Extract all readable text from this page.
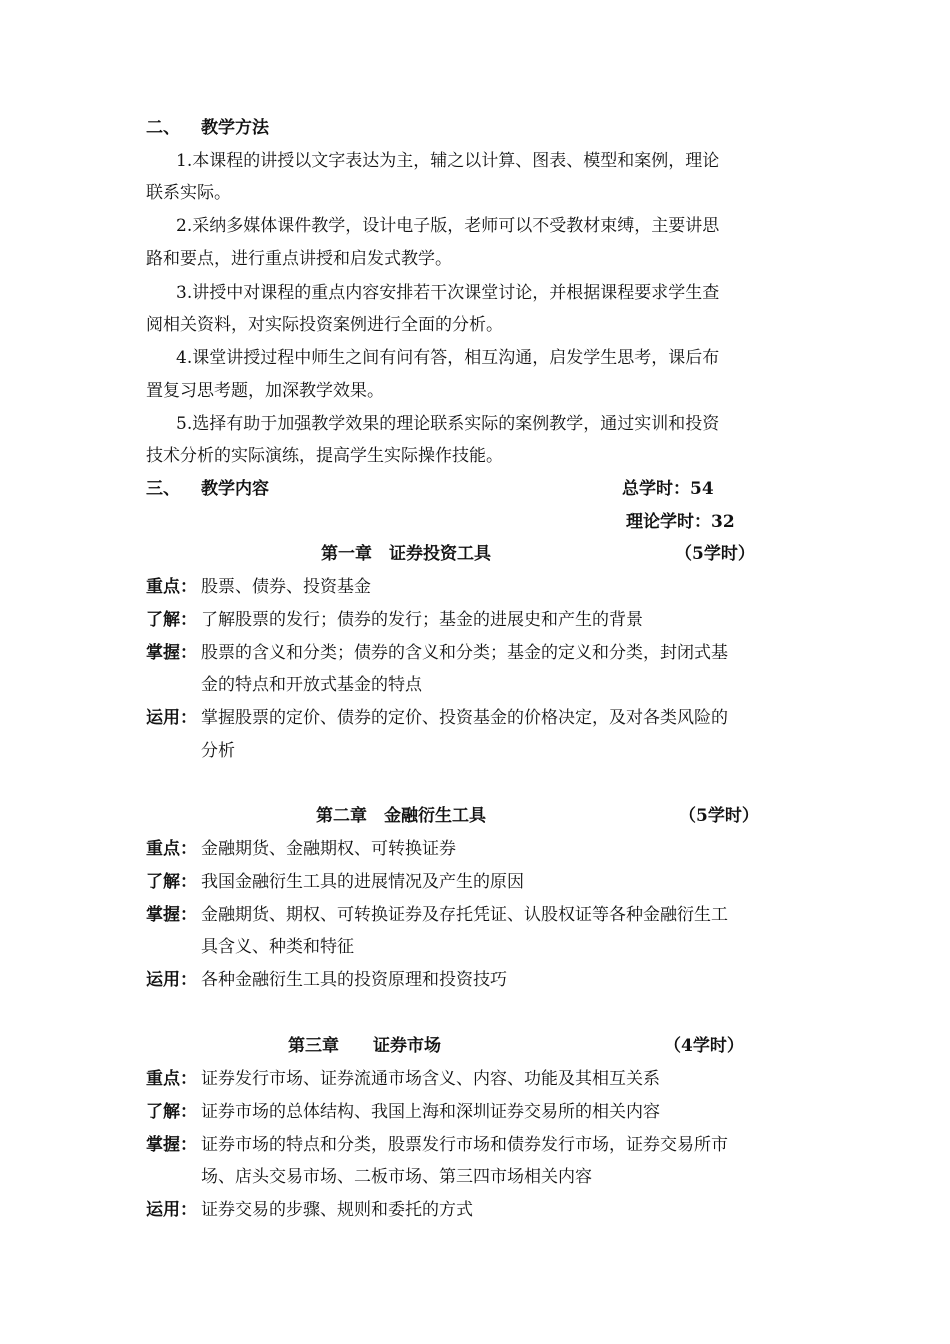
二、 教学方法
1.本课程的讲授以文字表达为主，辅之以计算、图表、模型和案例，理论
联系实际。
2.采纳多媒体课件教学，设计电子版，老师可以不受教材束缚，主要讲思
路和要点，进行重点讲授和启发式教学。
3.讲授中对课程的重点内容安排若干次课堂讨论，并根据课程要求学生查
阅相关资料，对实际投资案例进行全面的分析。
4.课堂讲授过程中师生之间有问有答，相互沟通，启发学生思考，课后布
置复习思考题，加深教学效果。
5.选择有助于加强教学效果的理论联系实际的案例教学，通过实训和投资
技术分析的实际演练，提高学生实际操作技能。
三、 教学内容	总学时：54
理论学时：32
第一章　证券投资工具	（5学时）
重点： 股票、债券、投资基金
了解： 了解股票的发行；债券的发行；基金的进展史和产生的背景
掌握： 股票的含义和分类；债券的含义和分类；基金的定义和分类，封闭式基
金的特点和开放式基金的特点
运用： 掌握股票的定价、债券的定价、投资基金的价格决定，及对各类风险的
分析
第二章　金融衍生工具	（5学时）
重点： 金融期货、金融期权、可转换证券
了解： 我国金融衍生工具的进展情况及产生的原因
掌握： 金融期货、期权、可转换证券及存托凭证、认股权证等各种金融衍生工
具含义、种类和特征
运用： 各种金融衍生工具的投资原理和投资技巧
第三章　　证券市场	（4学时）
重点： 证券发行市场、证券流通市场含义、内容、功能及其相互关系
了解： 证券市场的总体结构、我国上海和深圳证券交易所的相关内容
掌握： 证券市场的特点和分类，股票发行市场和债券发行市场，证券交易所市
场、店头交易市场、二板市场、第三四市场相关内容
运用： 证券交易的步骤、规则和委托的方式
